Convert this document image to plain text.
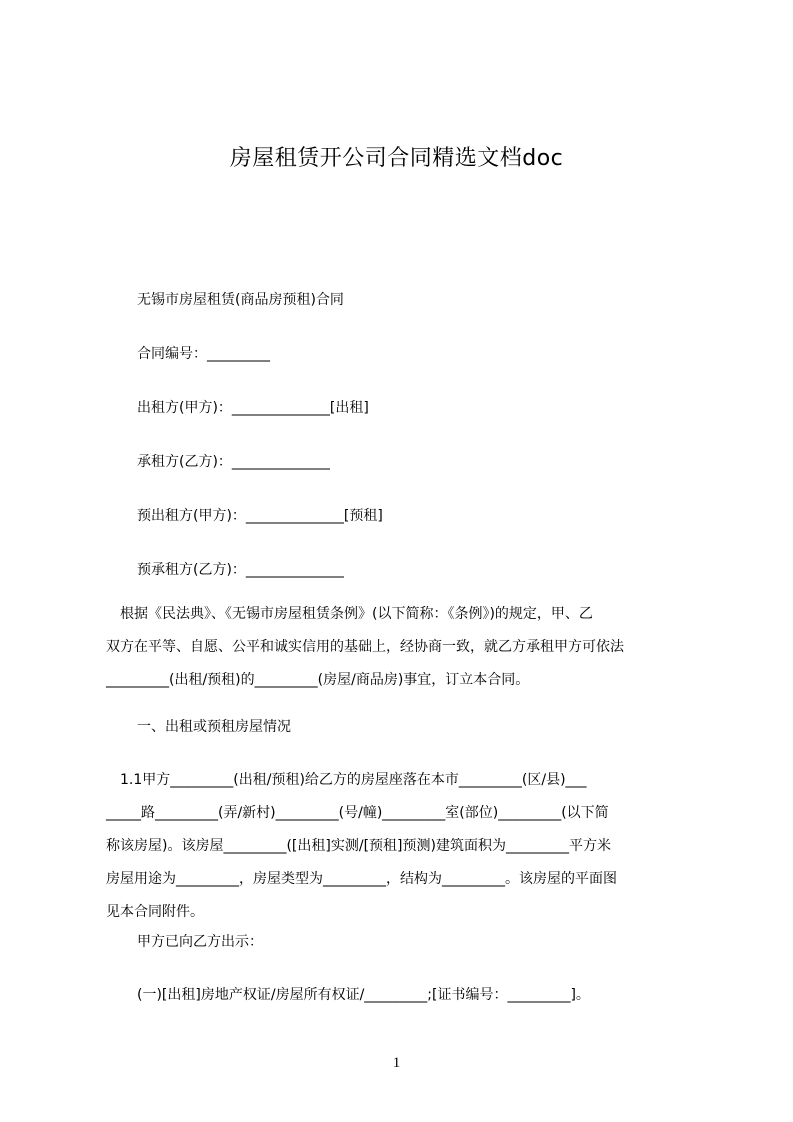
房屋租赁开公司合同精选文档doc

无锡市房屋租赁(商品房预租)合同

合同编号：_________

出租方(甲方)：______________[出租]

承租方(乙方)：______________

预出租方(甲方)：______________[预租]

预承租方(乙方)：______________

　根据《民法典》、《无锡市房屋租赁条例》(以下简称：《条例》)的规定，甲、乙
双方在平等、自愿、公平和诚实信用的基础上，经协商一致，就乙方承租甲方可依法
_________(出租/预租)的_________(房屋/商品房)事宜，订立本合同。

一、出租或预租房屋情况

　1.1甲方_________(出租/预租)给乙方的房屋座落在本市_________(区/县)___
_____路_________(弄/新村)_________(号/幢)_________室(部位)_________(以下简
称该房屋)。该房屋_________([出租]实测/[预租]预测)建筑面积为_________平方米
房屋用途为_________，房屋类型为_________，结构为_________。该房屋的平面图
见本合同附件。

甲方已向乙方出示：

(一)[出租]房地产权证/房屋所有权证/_________;[证书编号：_________]。

1
